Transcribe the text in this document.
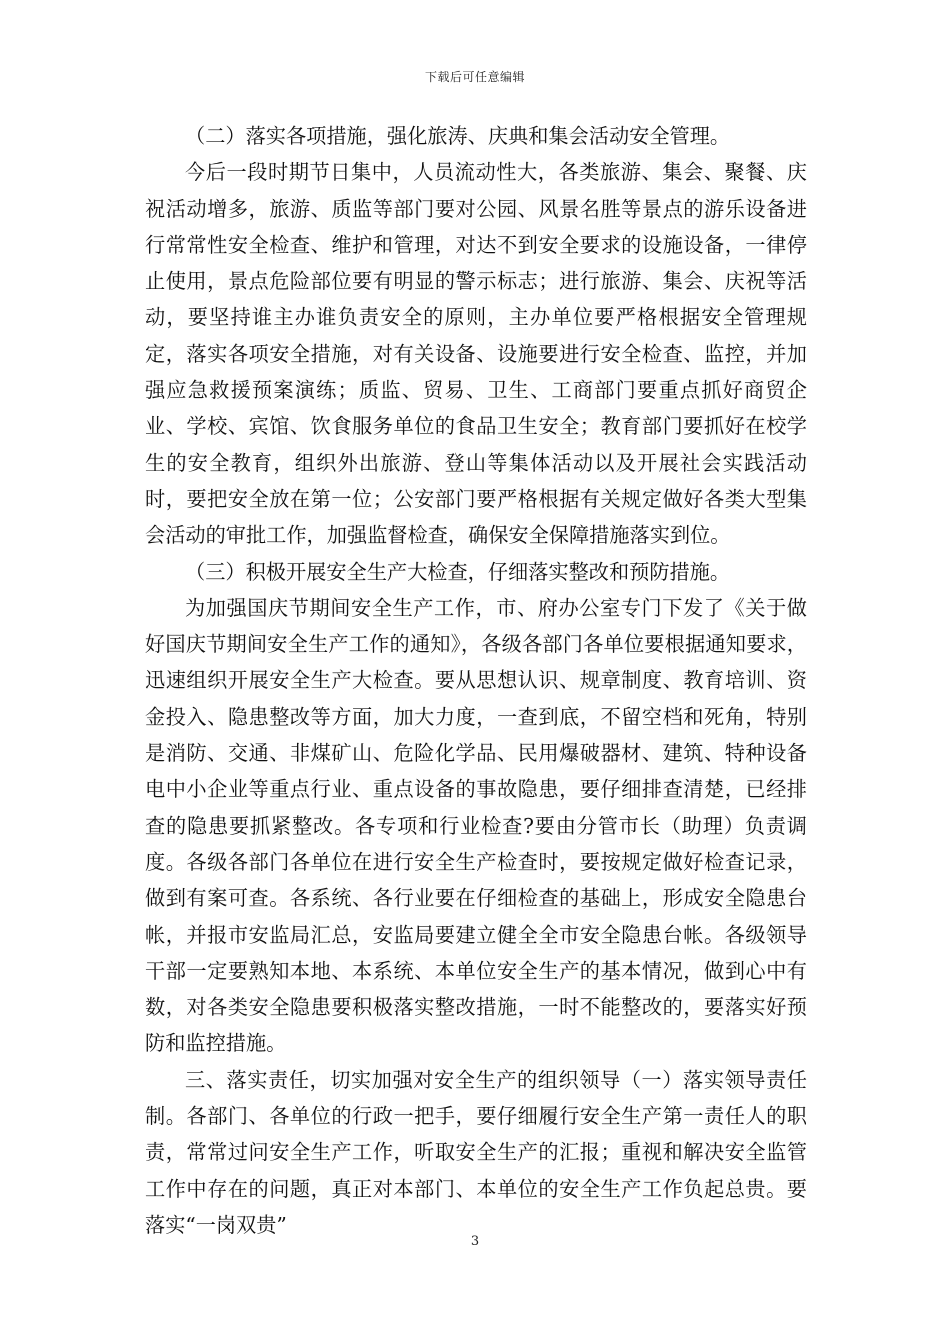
下载后可任意编辑

（二）落实各项措施，强化旅涛、庆典和集会活动安全管理。

今后一段时期节日集中，人员流动性大，各类旅游、集会、聚餐、庆祝活动增多，旅游、质监等部门要对公园、风景名胜等景点的游乐设备进行常常性安全检查、维护和管理，对达不到安全要求的设施设备，一律停止使用，景点危险部位要有明显的警示标志；进行旅游、集会、庆祝等活动，要坚持谁主办谁负责安全的原则，主办单位要严格根据安全管理规定，落实各项安全措施，对有关设备、设施要进行安全检查、监控，并加强应急救援预案演练；质监、贸易、卫生、工商部门要重点抓好商贸企业、学校、宾馆、饮食服务单位的食品卫生安全；教育部门要抓好在校学生的安全教育，组织外出旅游、登山等集体活动以及开展社会实践活动时，要把安全放在第一位；公安部门要严格根据有关规定做好各类大型集会活动的审批工作，加强监督检查，确保安全保障措施落实到位。

（三）积极开展安全生产大检查，仔细落实整改和预防措施。

为加强国庆节期间安全生产工作，市、府办公室专门下发了《关于做好国庆节期间安全生产工作的通知》，各级各部门各单位要根据通知要求，迅速组织开展安全生产大检查。要从思想认识、规章制度、教育培训、资金投入、隐患整改等方面，加大力度，一查到底，不留空档和死角，特别是消防、交通、非煤矿山、危险化学品、民用爆破器材、建筑、特种设备电中小企业等重点行业、重点设备的事故隐患，要仔细排查清楚，已经排查的隐患要抓紧整改。各专项和行业检查?要由分管市长（助理）负责调度。各级各部门各单位在进行安全生产检查时，要按规定做好检查记录，做到有案可查。各系统、各行业要在仔细检查的基础上，形成安全隐患台帐，并报市安监局汇总，安监局要建立健全全市安全隐患台帐。各级领导干部一定要熟知本地、本系统、本单位安全生产的基本情况，做到心中有数，对各类安全隐患要积极落实整改措施，一时不能整改的，要落实好预防和监控措施。

三、落实责任，切实加强对安全生产的组织领导（一）落实领导责任制。各部门、各单位的行政一把手，要仔细履行安全生产第一责任人的职责，常常过问安全生产工作，听取安全生产的汇报；重视和解决安全监管工作中存在的问题，真正对本部门、本单位的安全生产工作负起总贵。要落实“一岗双贵”

3
